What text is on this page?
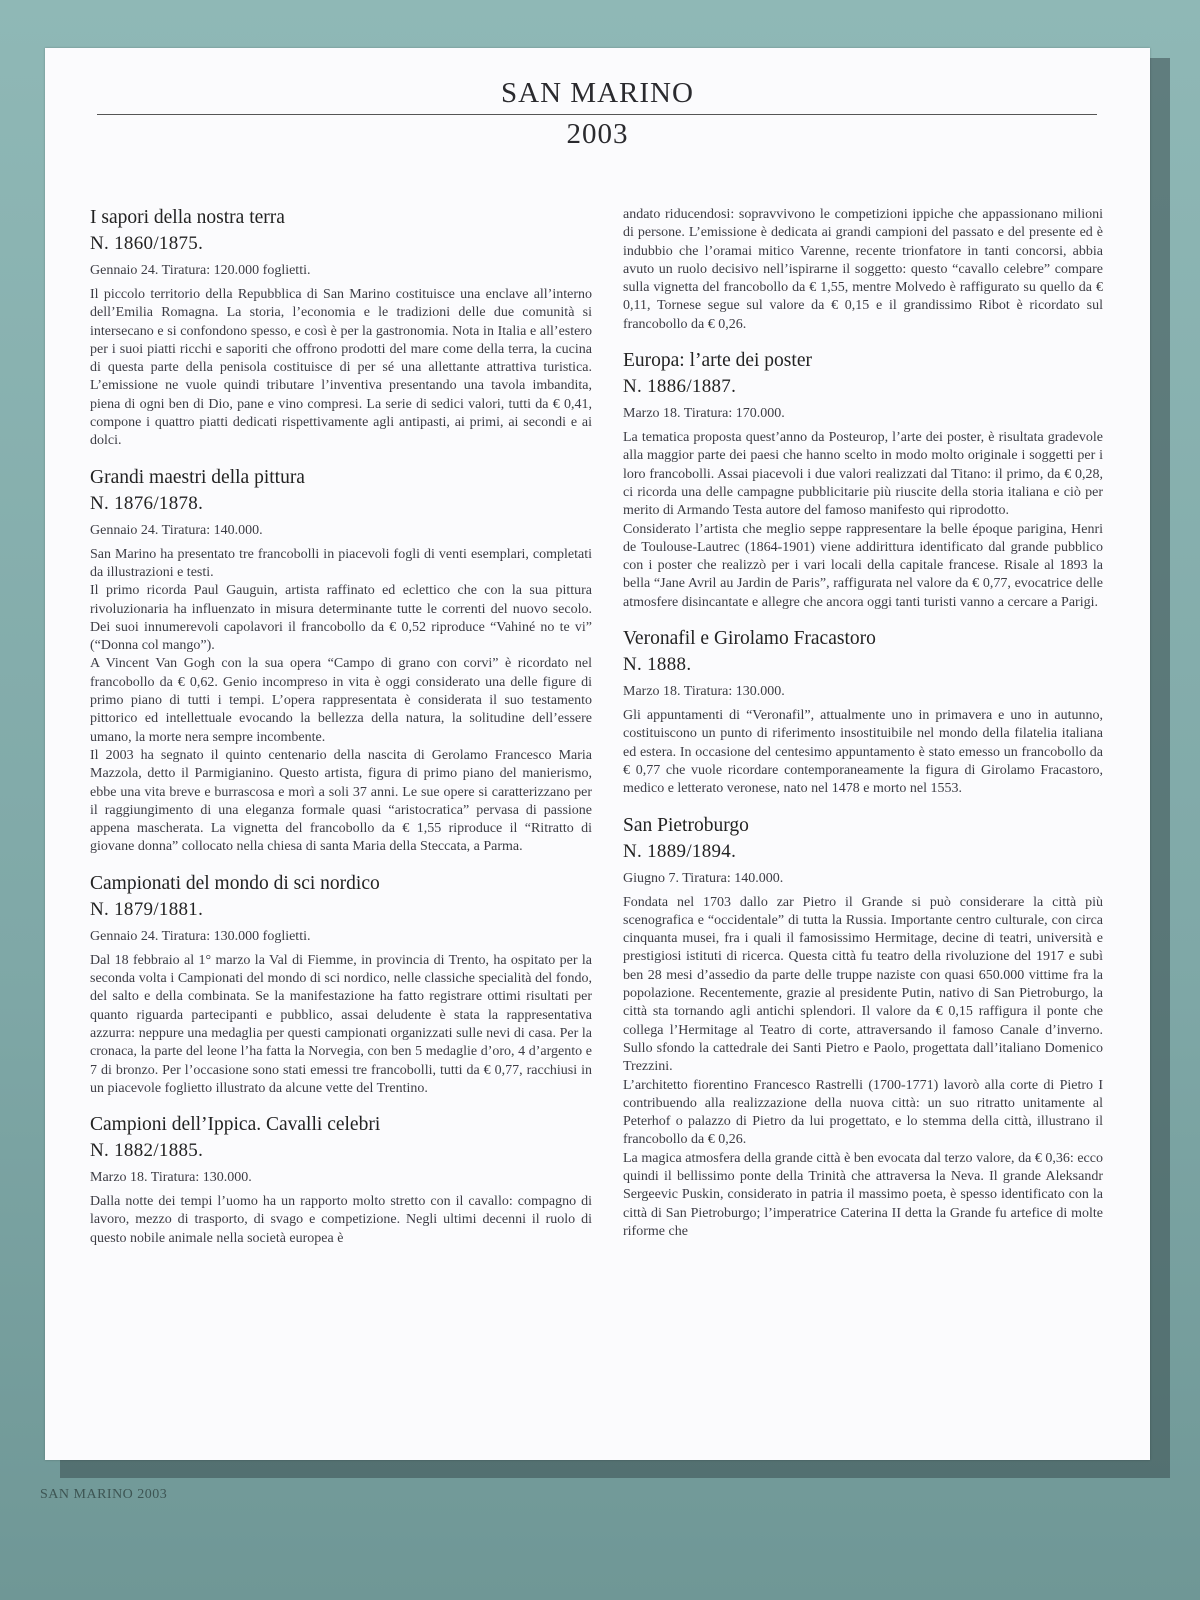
SAN MARINO
2003
I sapori della nostra terra
N. 1860/1875.
Gennaio 24. Tiratura: 120.000 foglietti.

Il piccolo territorio della Repubblica di San Marino costituisce una enclave all’interno dell’Emilia Romagna. La storia, l’economia e le tradizioni delle due comunità si intersecano e si confondono spesso, e così è per la gastronomia. Nota in Italia e all’estero per i suoi piatti ricchi e saporiti che offrono prodotti del mare come della terra, la cucina di questa parte della penisola costituisce di per sé una allettante attrattiva turistica. L’emissione ne vuole quindi tributare l’inventiva presentando una tavola imbandita, piena di ogni ben di Dio, pane e vino compresi. La serie di sedici valori, tutti da € 0,41, compone i quattro piatti dedicati rispettivamente agli antipasti, ai primi, ai secondi e ai dolci.

Grandi maestri della pittura
N. 1876/1878.
Gennaio 24. Tiratura: 140.000.

San Marino ha presentato tre francobolli in piacevoli fogli di venti esemplari, completati da illustrazioni e testi.

Il primo ricorda Paul Gauguin, artista raffinato ed eclettico che con la sua pittura rivoluzionaria ha influenzato in misura determinante tutte le correnti del nuovo secolo. Dei suoi innumerevoli capolavori il francobollo da € 0,52 riproduce “Vahiné no te vi” (“Donna col mango”).

A Vincent Van Gogh con la sua opera “Campo di grano con corvi” è ricordato nel francobollo da € 0,62. Genio incompreso in vita è oggi considerato una delle figure di primo piano di tutti i tempi. L’opera rappresentata è considerata il suo testamento pittorico ed intellettuale evocando la bellezza della natura, la solitudine dell’essere umano, la morte nera sempre incombente.

Il 2003 ha segnato il quinto centenario della nascita di Gerolamo Francesco Maria Mazzola, detto il Parmigianino. Questo artista, figura di primo piano del manierismo, ebbe una vita breve e burrascosa e morì a soli 37 anni. Le sue opere si caratterizzano per il raggiungimento di una eleganza formale quasi “aristocratica” pervasa di passione appena mascherata. La vignetta del francobollo da € 1,55 riproduce il “Ritratto di giovane donna” collocato nella chiesa di santa Maria della Steccata, a Parma.

Campionati del mondo di sci nordico
N. 1879/1881.
Gennaio 24. Tiratura: 130.000 foglietti.

Dal 18 febbraio al 1° marzo la Val di Fiemme, in provincia di Trento, ha ospitato per la seconda volta i Campionati del mondo di sci nordico, nelle classiche specialità del fondo, del salto e della combinata. Se la manifestazione ha fatto registrare ottimi risultati per quanto riguarda partecipanti e pubblico, assai deludente è stata la rappresentativa azzurra: neppure una medaglia per questi campionati organizzati sulle nevi di casa. Per la cronaca, la parte del leone l’ha fatta la Norvegia, con ben 5 medaglie d’oro, 4 d’argento e 7 di bronzo. Per l’occasione sono stati emessi tre francobolli, tutti da € 0,77, racchiusi in un piacevole foglietto illustrato da alcune vette del Trentino.

Campioni dell’Ippica. Cavalli celebri
N. 1882/1885.
Marzo 18. Tiratura: 130.000.

Dalla notte dei tempi l’uomo ha un rapporto molto stretto con il cavallo: compagno di lavoro, mezzo di trasporto, di svago e competizione. Negli ultimi decenni il ruolo di questo nobile animale nella società europea è

andato riducendosi: sopravvivono le competizioni ippiche che appassionano milioni di persone. L’emissione è dedicata ai grandi campioni del passato e del presente ed è indubbio che l’oramai mitico Varenne, recente trionfatore in tanti concorsi, abbia avuto un ruolo decisivo nell’ispirarne il soggetto: questo “cavallo celebre” compare sulla vignetta del francobollo da € 1,55, mentre Molvedo è raffigurato su quello da € 0,11, Tornese segue sul valore da € 0,15 e il grandissimo Ribot è ricordato sul francobollo da € 0,26.

Europa: l’arte dei poster
N. 1886/1887.
Marzo 18. Tiratura: 170.000.

La tematica proposta quest’anno da Posteurop, l’arte dei poster, è risultata gradevole alla maggior parte dei paesi che hanno scelto in modo molto originale i soggetti per i loro francobolli. Assai piacevoli i due valori realizzati dal Titano: il primo, da € 0,28, ci ricorda una delle campagne pubblicitarie più riuscite della storia italiana e ciò per merito di Armando Testa autore del famoso manifesto qui riprodotto.

Considerato l’artista che meglio seppe rappresentare la belle époque parigina, Henri de Toulouse-Lautrec (1864-1901) viene addirittura identificato dal grande pubblico con i poster che realizzò per i vari locali della capitale francese. Risale al 1893 la bella “Jane Avril au Jardin de Paris”, raffigurata nel valore da € 0,77, evocatrice delle atmosfere disincantate e allegre che ancora oggi tanti turisti vanno a cercare a Parigi.

Veronafil e Girolamo Fracastoro
N. 1888.
Marzo 18. Tiratura: 130.000.

Gli appuntamenti di “Veronafil”, attualmente uno in primavera e uno in autunno, costituiscono un punto di riferimento insostituibile nel mondo della filatelia italiana ed estera. In occasione del centesimo appuntamento è stato emesso un francobollo da € 0,77 che vuole ricordare contemporaneamente la figura di Girolamo Fracastoro, medico e letterato veronese, nato nel 1478 e morto nel 1553.

San Pietroburgo
N. 1889/1894.
Giugno 7. Tiratura: 140.000.

Fondata nel 1703 dallo zar Pietro il Grande si può considerare la città più scenografica e “occidentale” di tutta la Russia. Importante centro culturale, con circa cinquanta musei, fra i quali il famosissimo Hermitage, decine di teatri, università e prestigiosi istituti di ricerca. Questa città fu teatro della rivoluzione del 1917 e subì ben 28 mesi d’assedio da parte delle truppe naziste con quasi 650.000 vittime fra la popolazione. Recentemente, grazie al presidente Putin, nativo di San Pietroburgo, la città sta tornando agli antichi splendori. Il valore da € 0,15 raffigura il ponte che collega l’Hermitage al Teatro di corte, attraversando il famoso Canale d’inverno. Sullo sfondo la cattedrale dei Santi Pietro e Paolo, progettata dall’italiano Domenico Trezzini.

L’architetto fiorentino Francesco Rastrelli (1700-1771) lavorò alla corte di Pietro I contribuendo alla realizzazione della nuova città: un suo ritratto unitamente al Peterhof o palazzo di Pietro da lui progettato, e lo stemma della città, illustrano il francobollo da € 0,26.

La magica atmosfera della grande città è ben evocata dal terzo valore, da € 0,36: ecco quindi il bellissimo ponte della Trinità che attraversa la Neva. Il grande Aleksandr Sergeevic Puskin, considerato in patria il massimo poeta, è spesso identificato con la città di San Pietroburgo; l’imperatrice Caterina II detta la Grande fu artefice di molte riforme che

SAN MARINO 2003
